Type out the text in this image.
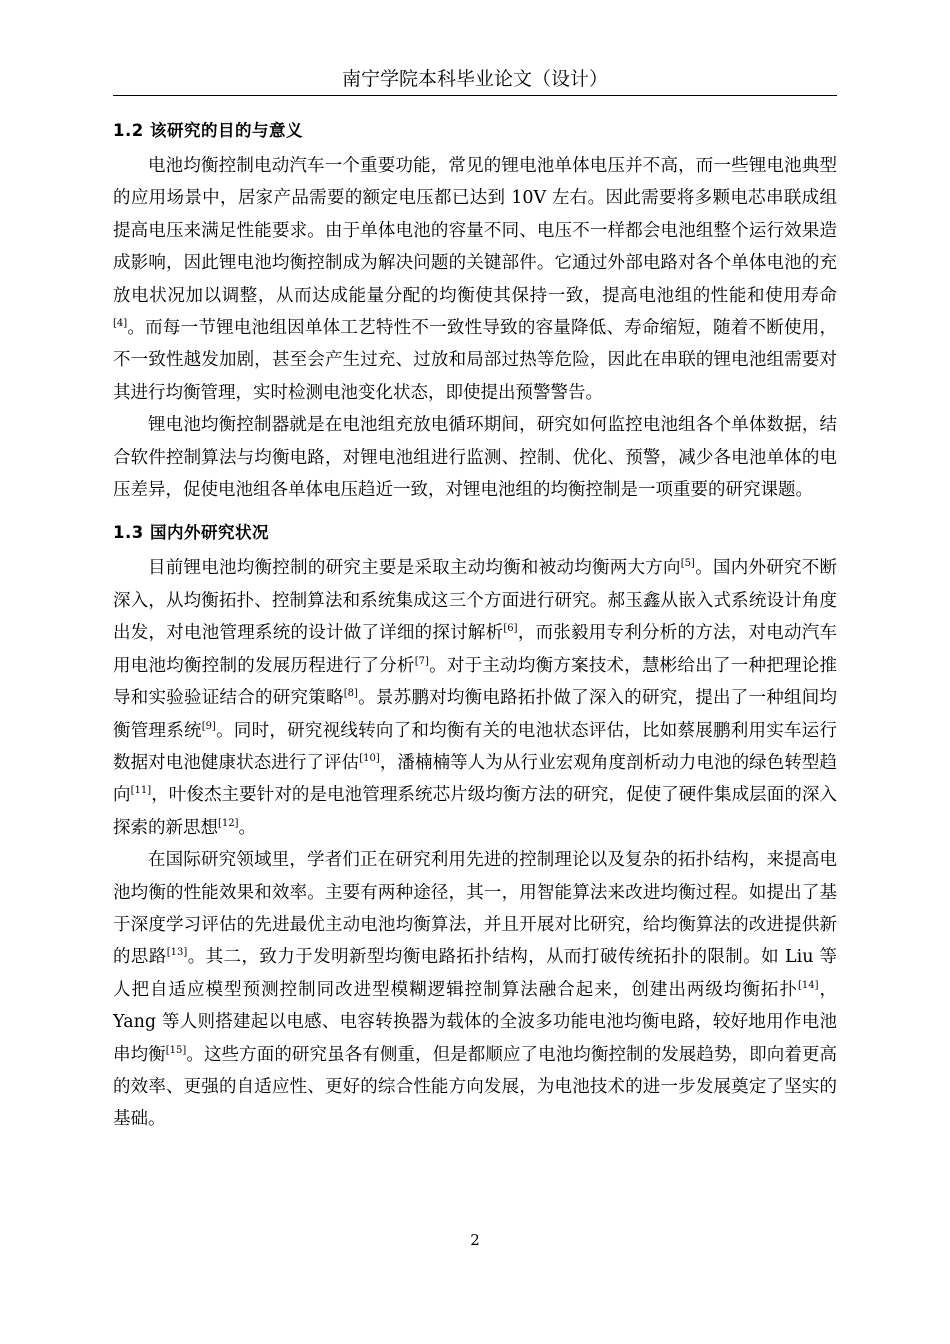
南宁学院本科毕业论文（设计）
1.2 该研究的目的与意义

电池均衡控制电动汽车一个重要功能，常见的锂电池单体电压并不高，而一些锂电池典型的应用场景中，居家产品需要的额定电压都已达到 10V 左右。因此需要将多颗电芯串联成组提高电压来满足性能要求。由于单体电池的容量不同、电压不一样都会电池组整个运行效果造成影响，因此锂电池均衡控制成为解决问题的关键部件。它通过外部电路对各个单体电池的充放电状况加以调整，从而达成能量分配的均衡使其保持一致，提高电池组的性能和使用寿命[4]。而每一节锂电池组因单体工艺特性不一致性导致的容量降低、寿命缩短，随着不断使用，不一致性越发加剧，甚至会产生过充、过放和局部过热等危险，因此在串联的锂电池组需要对其进行均衡管理，实时检测电池变化状态，即使提出预警警告。

锂电池均衡控制器就是在电池组充放电循环期间，研究如何监控电池组各个单体数据，结合软件控制算法与均衡电路，对锂电池组进行监测、控制、优化、预警，减少各电池单体的电压差异，促使电池组各单体电压趋近一致，对锂电池组的均衡控制是一项重要的研究课题。

1.3 国内外研究状况

目前锂电池均衡控制的研究主要是采取主动均衡和被动均衡两大方向[5]。国内外研究不断深入，从均衡拓扑、控制算法和系统集成这三个方面进行研究。郝玉鑫从嵌入式系统设计角度出发，对电池管理系统的设计做了详细的探讨解析[6]，而张毅用专利分析的方法，对电动汽车用电池均衡控制的发展历程进行了分析[7]。对于主动均衡方案技术，慧彬给出了一种把理论推导和实验验证结合的研究策略[8]。景苏鹏对均衡电路拓扑做了深入的研究，提出了一种组间均衡管理系统[9]。同时，研究视线转向了和均衡有关的电池状态评估，比如蔡展鹏利用实车运行数据对电池健康状态进行了评估[10]，潘楠楠等人为从行业宏观角度剖析动力电池的绿色转型趋向[11]，叶俊杰主要针对的是电池管理系统芯片级均衡方法的研究，促使了硬件集成层面的深入探索的新思想[12]。

在国际研究领域里，学者们正在研究利用先进的控制理论以及复杂的拓扑结构，来提高电池均衡的性能效果和效率。主要有两种途径，其一，用智能算法来改进均衡过程。如提出了基于深度学习评估的先进最优主动电池均衡算法，并且开展对比研究，给均衡算法的改进提供新的思路[13]。其二，致力于发明新型均衡电路拓扑结构，从而打破传统拓扑的限制。如 Liu 等人把自适应模型预测控制同改进型模糊逻辑控制算法融合起来，创建出两级均衡拓扑[14]，Yang 等人则搭建起以电感、电容转换器为载体的全波多功能电池均衡电路，较好地用作电池串均衡[15]。这些方面的研究虽各有侧重，但是都顺应了电池均衡控制的发展趋势，即向着更高的效率、更强的自适应性、更好的综合性能方向发展，为电池技术的进一步发展奠定了坚实的基础。

2
